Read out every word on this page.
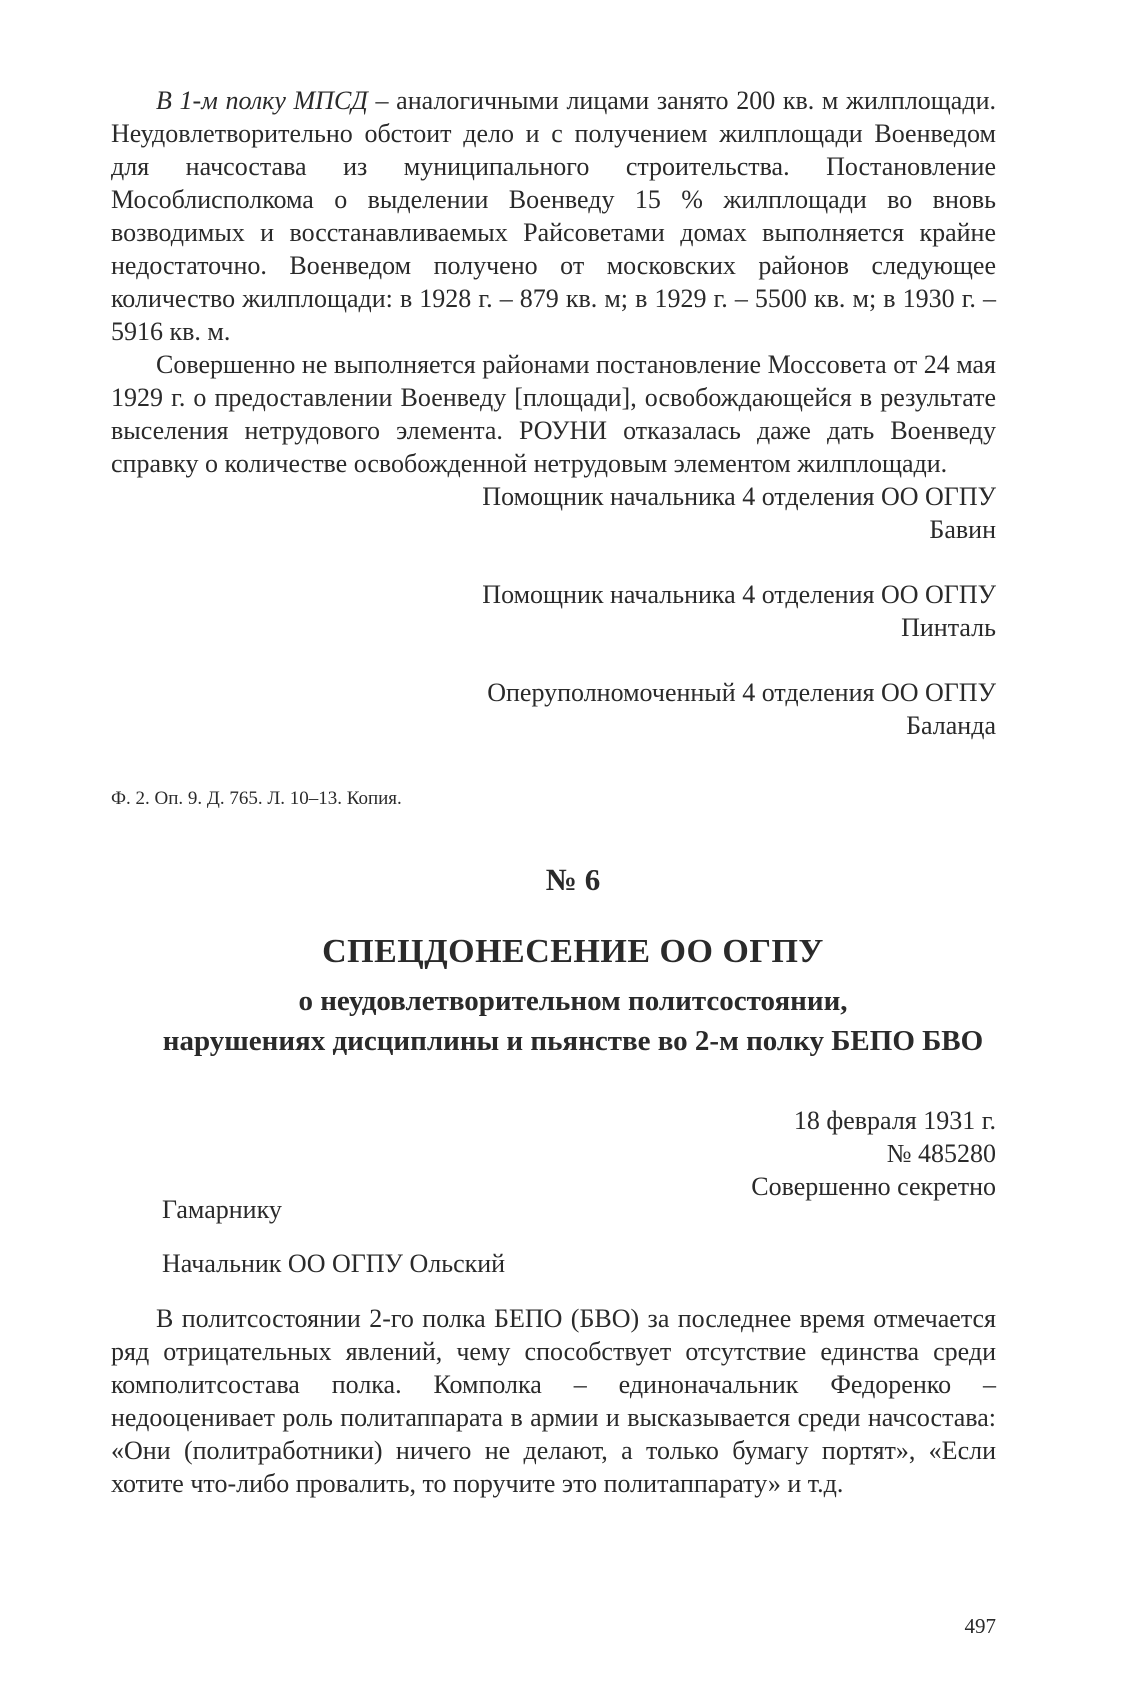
В 1-м полку МПСД – аналогичными лицами занято 200 кв. м жилплощади. Неудовлетворительно обстоит дело и с получением жилплощади Военведом для начсостава из муниципального строительства. Постановление Мособлисполкома о выделении Военведу 15 % жилплощади во вновь возводимых и восстанавливаемых Райсоветами домах выполняется крайне недостаточно. Военведом получено от московских районов следующее количество жилплощади: в 1928 г. – 879 кв. м; в 1929 г. – 5500 кв. м; в 1930 г. – 5916 кв. м.

Совершенно не выполняется районами постановление Моссовета от 24 мая 1929 г. о предоставлении Военведу [площади], освобождающейся в результате выселения нетрудового элемента. РОУНИ отказалась даже дать Военведу справку о количестве освобожденной нетрудовым элементом жилплощади.

Помощник начальника 4 отделения ОО ОГПУ
Бавин
Помощник начальника 4 отделения ОО ОГПУ
Пинталь
Оперуполномоченный 4 отделения ОО ОГПУ
Баланда

Ф. 2. Оп. 9. Д. 765. Л. 10–13. Копия.

№ 6

СПЕЦДОНЕСЕНИЕ ОО ОГПУ

о неудовлетворительном политсостоянии,

нарушениях дисциплины и пьянстве во 2-м полку БЕПО БВО

18 февраля 1931 г.
№ 485280
Совершенно секретно

Гамарнику

Начальник ОО ОГПУ Ольский

В политсостоянии 2-го полка БЕПО (БВО) за последнее время отмечается ряд отрицательных явлений, чему способствует отсутствие единства среди комполитсостава полка. Комполка – единоначальник Федоренко – недооценивает роль политаппарата в армии и высказывается среди начсостава: «Они (политработники) ничего не делают, а только бумагу портят», «Если хотите что-либо провалить, то поручите это политаппарату» и т.д.

497
